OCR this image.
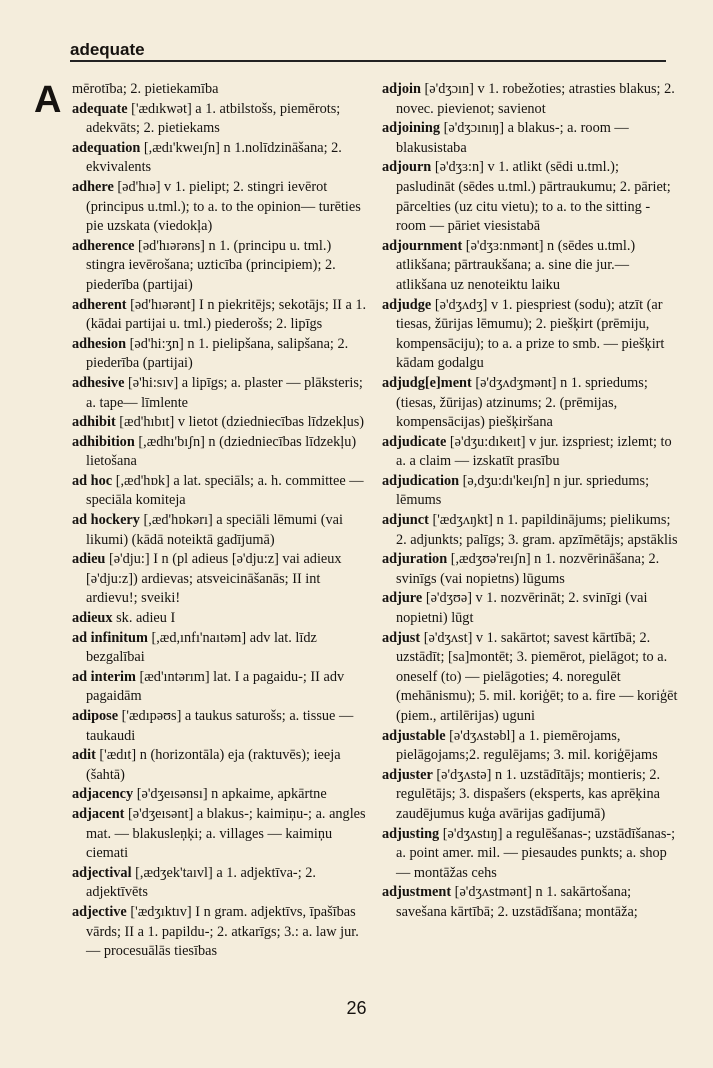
adequate
A mērotība; 2. pietiekamība

adequate ['ædıkwət] a 1. atbilstošs, piemērots; adekvāts; 2. pietiekams

adequation [,ædı'kweıʃn] n 1.nolīdzināšana; 2. ekvivalents

adhere [əd'hıə] v 1. pielipt; 2. stingri ievērot (principus u.tml.); to a. to the opinion— turēties pie uzskata (viedokļa)

adherence [əd'hıərəns] n 1. (principu u. tml.) stingra ievērošana; uzticība (principiem); 2. piederība (partijai)

adherent [əd'hıərənt] I n piekritējs; sekotājs; II a 1. (kādai partijai u. tml.) piederošs; 2. lipīgs

adhesion [əd'hi:ʒn] n 1. pielipšana, salipšana; 2. piederība (partijai)

adhesive [ə'hi:sıv] a lipīgs; a. plaster — plāksteris; a. tape— līmlente

adhibit [æd'hıbıt] v lietot (dziedniecības līdzekļus)

adhibition [,ædhı'bıʃn] n (dziedniecības līdzekļu) lietošana

ad hoc [,æd'hɒk] a lat. speciāls; a. h. committee — speciāla komiteja

ad hockery [,æd'hɒkərı] a speciāli lēmumi (vai likumi) (kādā noteiktā gadījumā)

adieu [ə'dju:] I n (pl adieus [ə'dju:z] vai adieux [ə'dju:z]) ardievas; atsveicināšanās; II int ardievu!; sveiki!

adieux sk. adieu I

ad infinitum [,æd,ınfı'naıtəm] adv lat. līdz bezgalībai

ad interim [æd'ıntərım] lat. I a pagaidu-; II adv pagaidām

adipose ['ædıpəʊs] a taukus saturošs; a. tissue — taukaudi

adit ['ædıt] n (horizontāla) eja (raktuvēs); ieeja (šahtā)

adjacency [ə'dʒeısənsı] n apkaime, apkārtne

adjacent [ə'dʒeısənt] a blakus-; kaimiņu-; a. angles mat. — blakusleņķi; a. villages — kaimiņu ciemati

adjectival [,ædʒek'taıvl] a 1. adjektīva-; 2. adjektīvēts

adjective ['ædʒıktıv] I n gram. adjektīvs, īpašības vārds; II a 1. papildu-; 2. atkarīgs; 3.: a. law jur. — procesuālās tiesības

adjoin [ə'dʒɔın] v 1. robežoties; atrasties blakus; 2. novec. pievienot; savienot

adjoining [ə'dʒɔınıŋ] a blakus-; a. room — blakusistaba

adjourn [ə'dʒɜ:n] v 1. atlikt (sēdi u.tml.); pasludināt (sēdes u.tml.) pārtraukumu; 2. pāriet; pārcelties (uz citu vietu); to a. to the sitting - room — pāriet viesistabā

adjournment [ə'dʒɜ:nmənt] n (sēdes u.tml.) atlikšana; pārtraukšana; a. sine die jur.— atlikšana uz nenoteiktu laiku

adjudge [ə'dʒʌdʒ] v 1. piespriest (sodu); atzīt (ar tiesas, žūrijas lēmumu); 2. piešķirt (prēmiju, kompensāciju); to a. a prize to smb. — piešķirt kādam godalgu

adjudg[e]ment [ə'dʒʌdʒmənt] n 1. spriedums; (tiesas, žūrijas) atzinums; 2. (prēmijas, kompensācijas) piešķiršana

adjudicate [ə'dʒu:dıkeıt] v jur. izspriest; izlemt; to a. a claim — izskatīt prasību

adjudication [ə,dʒu:dı'keıʃn] n jur. spriedums; lēmums

adjunct ['ædʒʌŋkt] n 1. papildinājums; pielikums; 2. adjunkts; palīgs; 3. gram. apzīmētājs; apstāklis

adjuration [,ædʒʊə'reıʃn] n 1. nozvērināšana; 2. svinīgs (vai nopietns) lūgums

adjure [ə'dʒʊə] v 1. nozvērināt; 2. svinīgi (vai nopietni) lūgt

adjust [ə'dʒʌst] v 1. sakārtot; savest kārtībā; 2. uzstādīt; [sa]montēt; 3. piemērot, pielāgot; to a. oneself (to) — pielāgoties; 4. noregulēt (mehānismu); 5. mil. koriģēt; to a. fire — koriģēt (piem., artilērijas) uguni

adjustable [ə'dʒʌstəbl] a 1. piemērojams, pielāgojams;2. regulējams; 3. mil. koriģējams

adjuster [ə'dʒʌstə] n 1. uzstādītājs; montieris; 2. regulētājs; 3. dispašers (eksperts, kas aprēķina zaudējumus kuģa avārijas gadījumā)

adjusting [ə'dʒʌstıŋ] a regulēšanas-; uzstādīšanas-; a. point amer. mil. — piesaudes punkts; a. shop — montāžas cehs

adjustment [ə'dʒʌstmənt] n 1. sakārtošana; savešana kārtībā; 2. uzstādīšana; montāža;

26
